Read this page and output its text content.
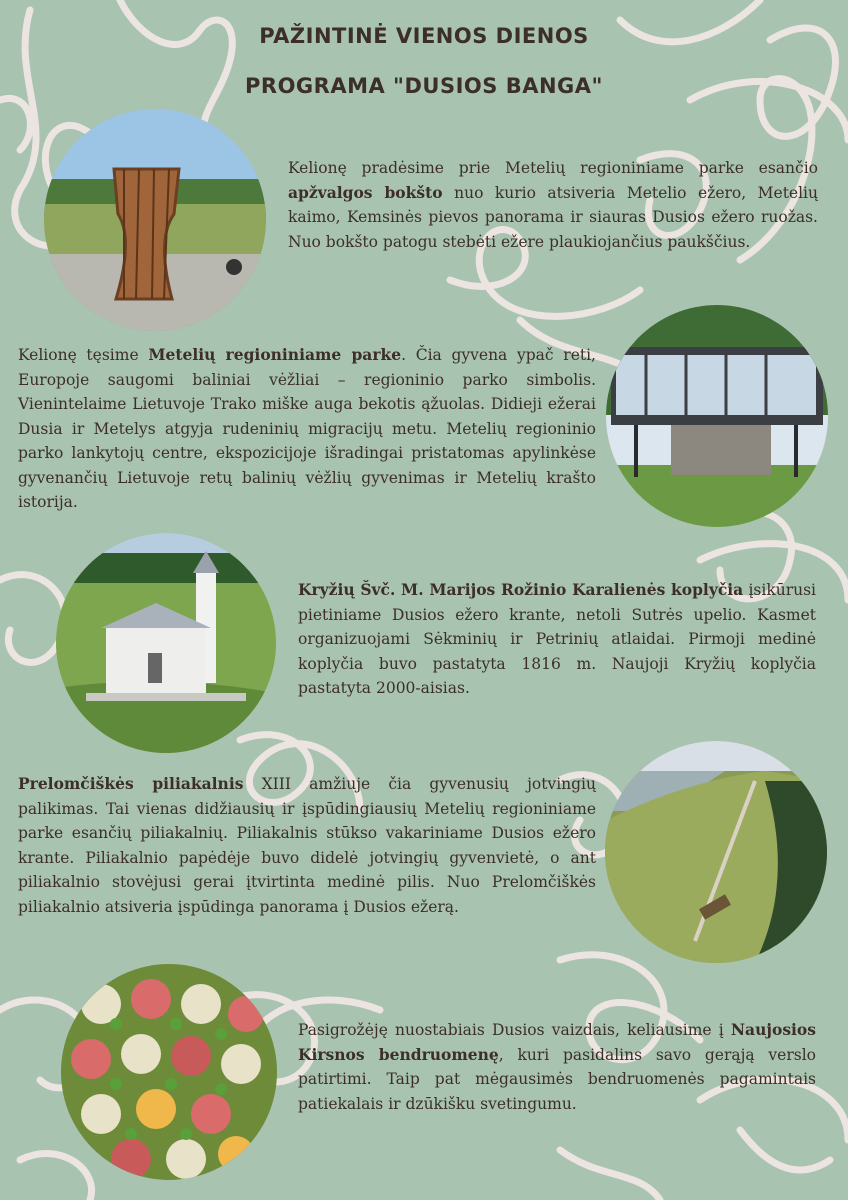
PAŽINTINĖ VIENOS DIENOS
PROGRAMA "DUSIOS BANGA"
Kelionę pradėsime prie Metelių regioniniame parke esančio apžvalgos bokšto nuo kurio atsiveria Metelio ežero, Metelių kaimo, Kemsinės pievos panorama ir siauras Dusios ežero ruožas. Nuo bokšto patogu stebėti ežere plaukiojančius paukščius.
Kelionę tęsime Metelių regioniniame parke. Čia gyvena ypač reti, Europoje saugomi baliniai vėžliai – regioninio parko simbolis. Vienintelaime Lietuvoje Trako miške auga bekotis ąžuolas. Didieji ežerai Dusia ir Metelys atgyja rudeninių migracijų metu. Metelių regioninio parko lankytojų centre, ekspozicijoje išradingai pristatomas apylinkėse gyvenančių Lietuvoje retų balinių vėžlių gyvenimas ir Metelių krašto istorija.
Kryžių Švč. M. Marijos Rožinio Karalienės koplyčia įsikūrusi pietiniame Dusios ežero krante, netoli Sutrės upelio. Kasmet organizuojami Sėkminių ir Petrinių atlaidai. Pirmoji medinė koplyčia buvo pastatyta 1816 m. Naujoji Kryžių koplyčia pastatyta 2000-aisias.
Prelomčiškės piliakalnis XIII amžiuje čia gyvenusių jotvingių palikimas. Tai vienas didžiausių ir įspūdingiausių Metelių regioniniame parke esančių piliakalnių. Piliakalnis stūkso vakariniame Dusios ežero krante. Piliakalnio papėdėje buvo didelė jotvingių gyvenvietė, o ant piliakalnio stovėjusi gerai įtvirtinta medinė pilis. Nuo Prelomčiškės piliakalnio atsiveria įspūdinga panorama į Dusios ežerą.
Pasigrožėję nuostabiais Dusios vaizdais, keliausime į Naujosios Kirsnos bendruomenę, kuri pasidalins savo gerąją verslo patirtimi. Taip pat mėgausimės bendruomenės pagamintais patiekalais ir dzūkišku svetingumu.
